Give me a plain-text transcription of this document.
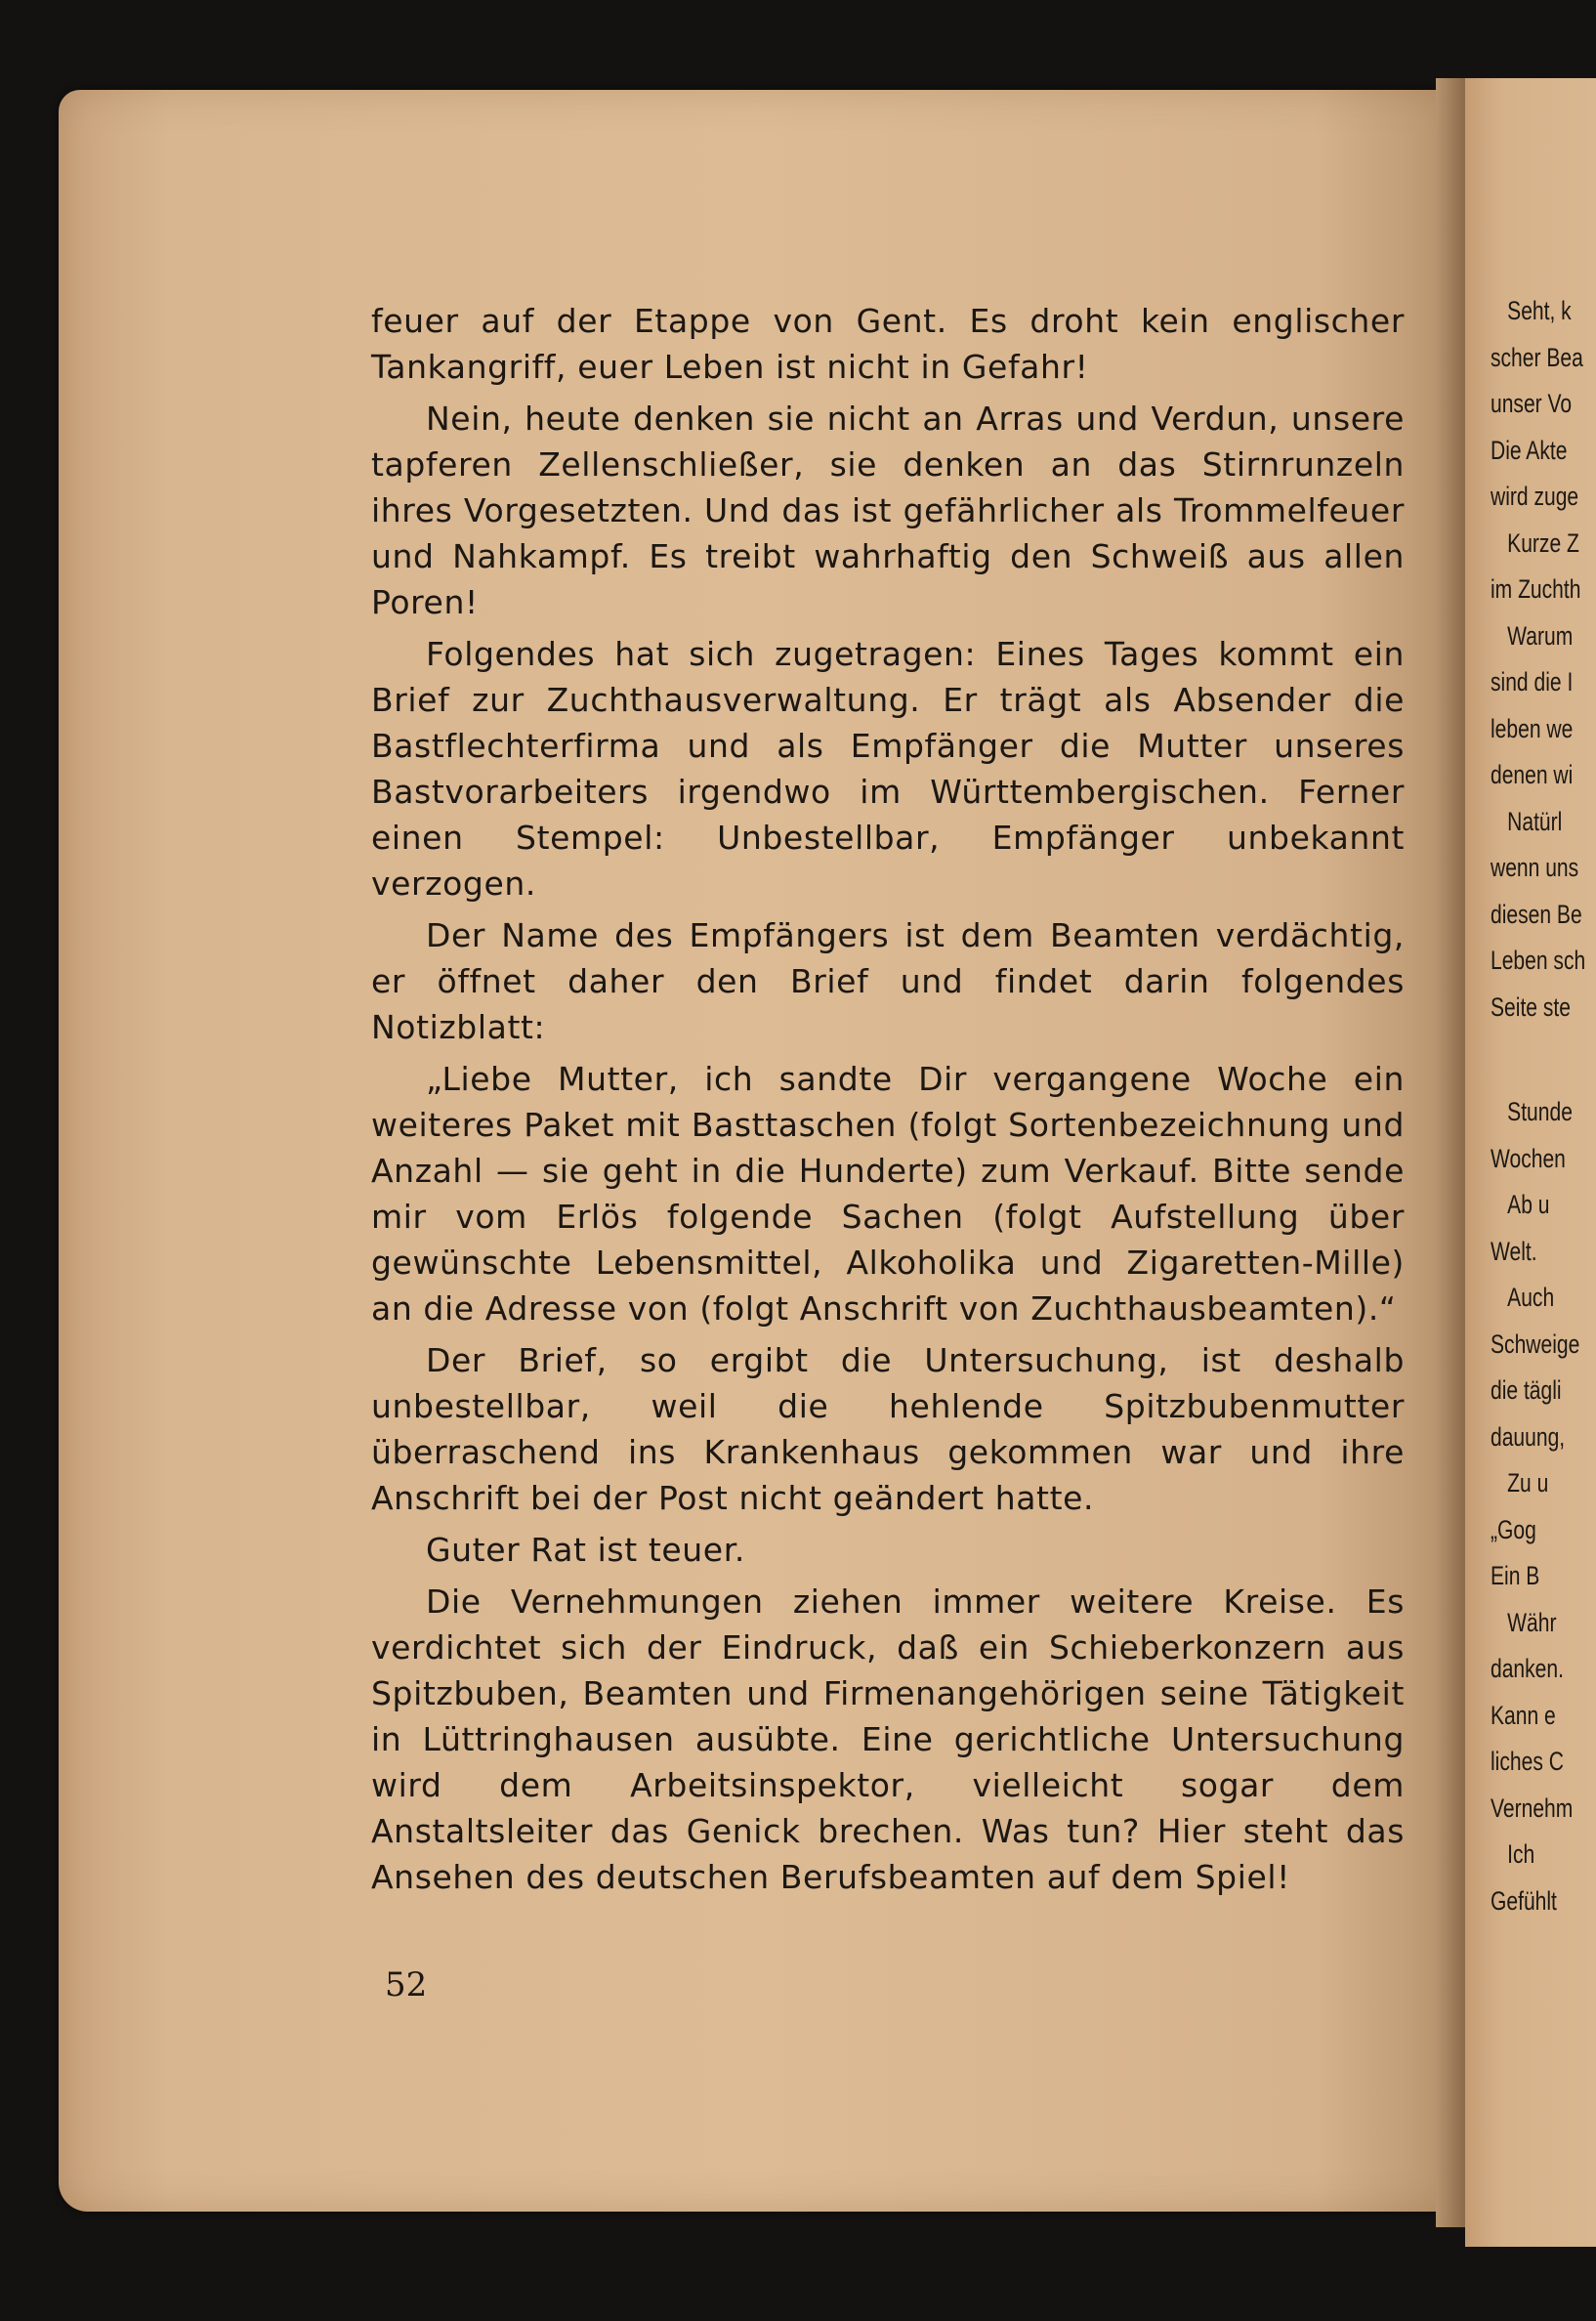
feuer auf der Etappe von Gent. Es droht kein englischer Tankangriff, euer Leben ist nicht in Gefahr!

Nein, heute denken sie nicht an Arras und Verdun, unsere tapferen Zellenschließer, sie denken an das Stirnrunzeln ihres Vorgesetzten. Und das ist gefährlicher als Trommelfeuer und Nahkampf. Es treibt wahrhaftig den Schweiß aus allen Poren!

Folgendes hat sich zugetragen: Eines Tages kommt ein Brief zur Zuchthausverwaltung. Er trägt als Absender die Bastflechterfirma und als Empfänger die Mutter unseres Bastvorarbeiters irgendwo im Württembergischen. Ferner einen Stempel: Unbestellbar, Empfänger unbekannt verzogen.

Der Name des Empfängers ist dem Beamten verdächtig, er öffnet daher den Brief und findet darin folgendes Notizblatt:

„Liebe Mutter, ich sandte Dir vergangene Woche ein weiteres Paket mit Basttaschen (folgt Sortenbezeichnung und Anzahl — sie geht in die Hunderte) zum Verkauf. Bitte sende mir vom Erlös folgende Sachen (folgt Aufstellung über gewünschte Lebensmittel, Alkoholika und Zigaretten-Mille) an die Adresse von (folgt Anschrift von Zuchthausbeamten).“

Der Brief, so ergibt die Untersuchung, ist deshalb unbestellbar, weil die hehlende Spitzbubenmutter überraschend ins Krankenhaus gekommen war und ihre Anschrift bei der Post nicht geändert hatte.

Guter Rat ist teuer.

Die Vernehmungen ziehen immer weitere Kreise. Es verdichtet sich der Eindruck, daß ein Schieberkonzern aus Spitzbuben, Beamten und Firmenangehörigen seine Tätigkeit in Lüttringhausen ausübte. Eine gerichtliche Untersuchung wird dem Arbeitsinspektor, vielleicht sogar dem Anstaltsleiter das Genick brechen. Was tun? Hier steht das Ansehen des deutschen Berufsbeamten auf dem Spiel!

52
Seht, k
scher Bea
unser Vo
Die Akte
wird zuge
Kurze Z
im Zuchth
Warum
sind die I
leben we
denen wi
Natürl
wenn uns
diesen Be
Leben sch
Seite ste
Stunde
Wochen
Ab u
Welt.
Auch
Schweige
die tägli
dauung,
Zu u
„Gog
Ein B
Währ
danken.
Kann e
liches C
Vernehm
Ich
Gefühlt
